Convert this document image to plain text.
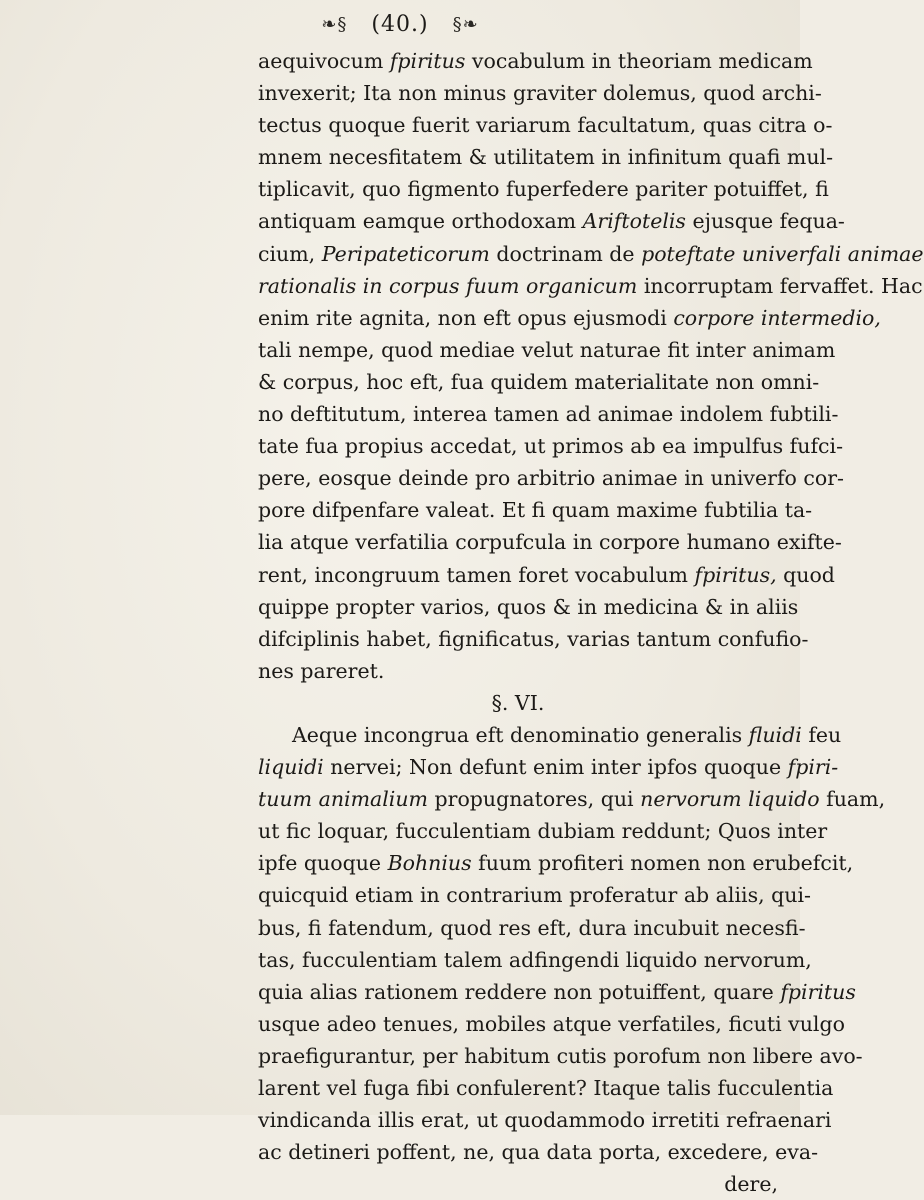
❧§ (40.) §❧
aequivocum fpiritus vocabulum in theoriam medicam
invexerit; Ita non minus graviter dolemus, quod archi-
tectus quoque fuerit variarum facultatum, quas citra o-
mnem necesfitatem & utilitatem in infinitum quafi mul-
tiplicavit, quo figmento fuperfedere pariter potuiffet, fi
antiquam eamque orthodoxam Ariftotelis ejusque fequa-
cium, Peripateticorum doctrinam de poteftate univerfali animae
rationalis in corpus fuum organicum incorruptam fervaffet. Hac
enim rite agnita, non eft opus ejusmodi corpore intermedio,
tali nempe, quod mediae velut naturae fit inter animam
& corpus, hoc eft, fua quidem materialitate non omni-
no deftitutum, interea tamen ad animae indolem fubtili-
tate fua propius accedat, ut primos ab ea impulfus fufci-
pere, eosque deinde pro arbitrio animae in univerfo cor-
pore difpenfare valeat. Et fi quam maxime fubtilia ta-
lia atque verfatilia corpufcula in corpore humano exifte-
rent, incongruum tamen foret vocabulum fpiritus, quod
quippe propter varios, quos & in medicina & in aliis
difciplinis habet, fignificatus, varias tantum confufio-
nes pareret.
§. VI.
Aeque incongrua eft denominatio generalis fluidi feu
liquidi nervei; Non defunt enim inter ipfos quoque fpiri-
tuum animalium propugnatores, qui nervorum liquido fuam,
ut fic loquar, fucculentiam dubiam reddunt; Quos inter
ipfe quoque Bohnius fuum profiteri nomen non erubefcit,
quicquid etiam in contrarium proferatur ab aliis, qui-
bus, fi fatendum, quod res eft, dura incubuit necesfi-
tas, fucculentiam talem adfingendi liquido nervorum,
quia alias rationem reddere non potuiffent, quare fpiritus
usque adeo tenues, mobiles atque verfatiles, ficuti vulgo
praefigurantur, per habitum cutis porofum non libere avo-
larent vel fuga fibi confulerent? Itaque talis fucculentia
vindicanda illis erat, ut quodammodo irretiti refraenari
ac detineri poffent, ne, qua data porta, excedere, eva-
dere,
